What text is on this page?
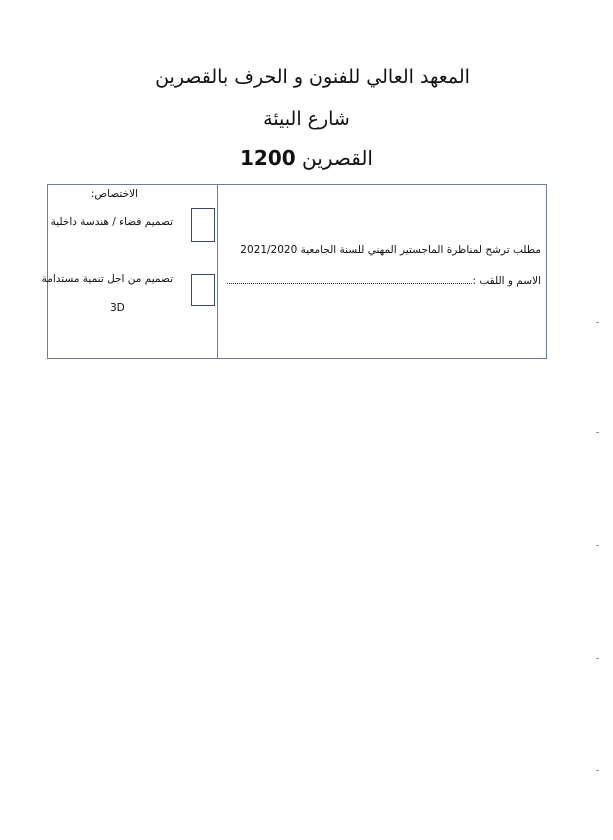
المعهد العالي للفنون و الحرف بالقصرين
شارع البيئة
القصرين 1200
الاختصاص:
تصميم فضاء / هندسة داخلية
تصميم من اجل تنمية مستدامة
3D
مطلب ترشح لمناظرة الماجستير المهني للسنة الجامعية 2021/2020
الاسم و اللقب :
